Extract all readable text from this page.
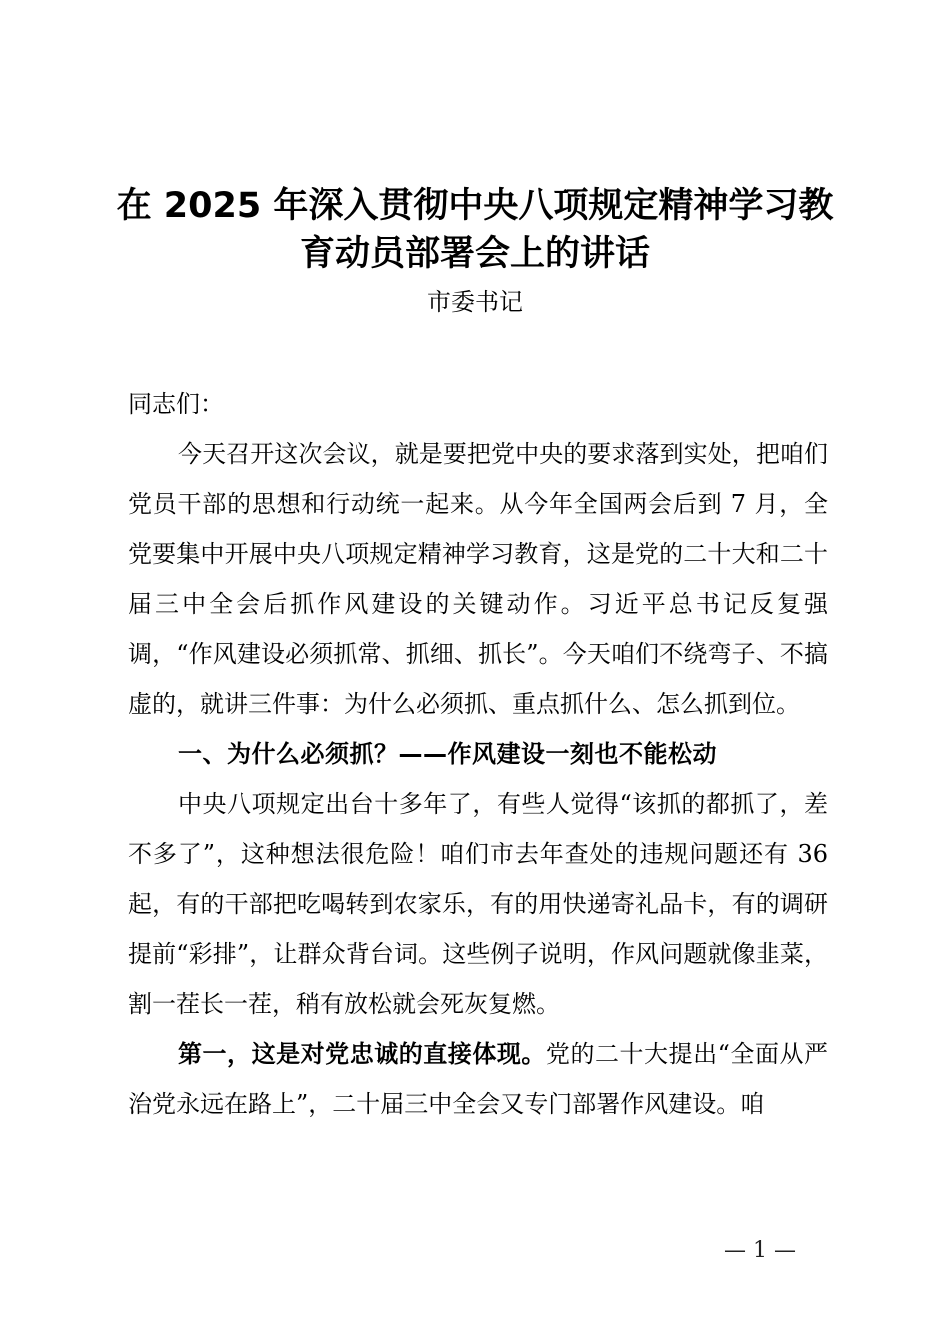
在 2025 年深入贯彻中央八项规定精神学习教
育动员部署会上的讲话
市委书记

同志们：

今天召开这次会议，就是要把党中央的要求落到实处，把咱们党员干部的思想和行动统一起来。从今年全国两会后到 7 月，全党要集中开展中央八项规定精神学习教育，这是党的二十大和二十届三中全会后抓作风建设的关键动作。习近平总书记反复强调，“作风建设必须抓常、抓细、抓长”。今天咱们不绕弯子、不搞虚的，就讲三件事：为什么必须抓、重点抓什么、怎么抓到位。

一、为什么必须抓？——作风建设一刻也不能松动

中央八项规定出台十多年了，有些人觉得“该抓的都抓了，差不多了”，这种想法很危险！咱们市去年查处的违规问题还有 36 起，有的干部把吃喝转到农家乐，有的用快递寄礼品卡，有的调研提前“彩排”，让群众背台词。这些例子说明，作风问题就像韭菜，割一茬长一茬，稍有放松就会死灰复燃。

第一，这是对党忠诚的直接体现。党的二十大提出“全面从严治党永远在路上”，二十届三中全会又专门部署作风建设。咱

— 1 —
